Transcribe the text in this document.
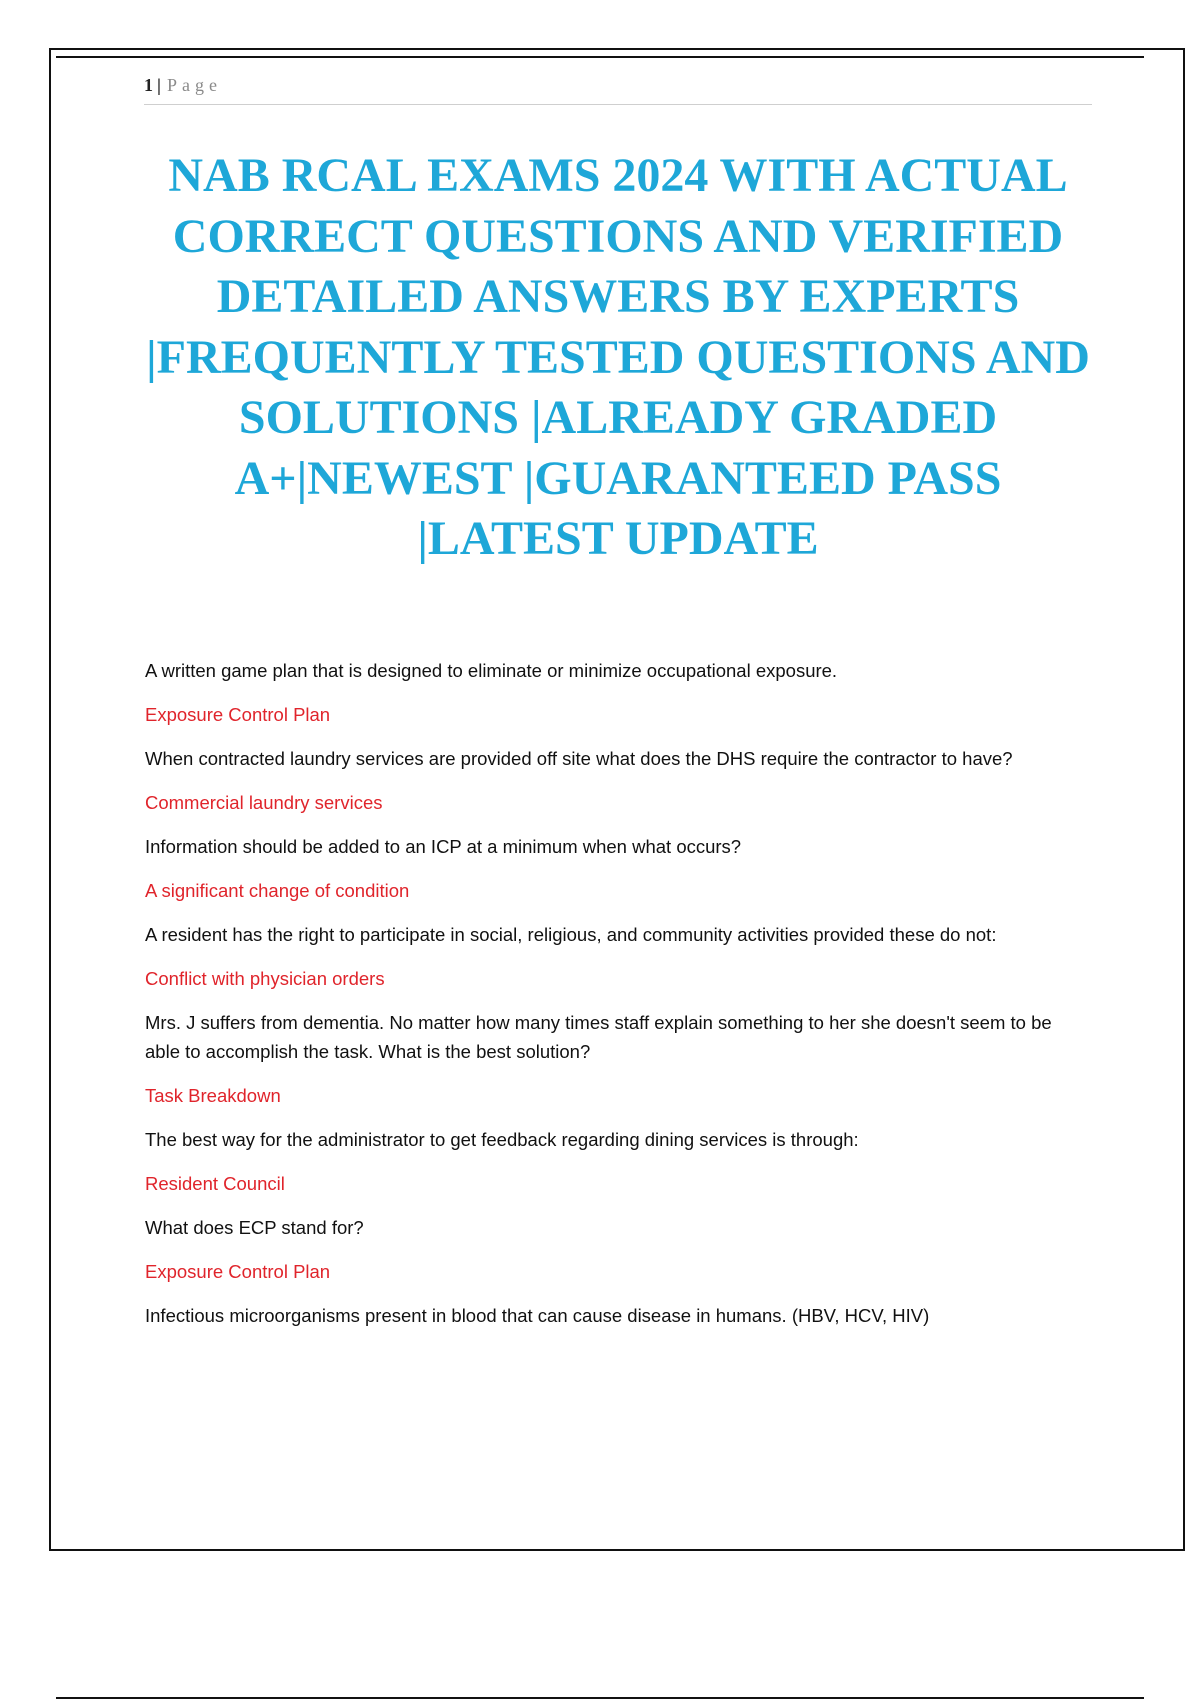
1 | Page
NAB RCAL EXAMS 2024 WITH ACTUAL CORRECT QUESTIONS AND VERIFIED DETAILED ANSWERS BY EXPERTS |FREQUENTLY TESTED QUESTIONS AND SOLUTIONS |ALREADY GRADED A+|NEWEST |GUARANTEED PASS |LATEST UPDATE

A written game plan that is designed to eliminate or minimize occupational exposure.

Exposure Control Plan

When contracted laundry services are provided off site what does the DHS require the contractor to have?

Commercial laundry services

Information should be added to an ICP at a minimum when what occurs?

A significant change of condition

A resident has the right to participate in social, religious, and community activities provided these do not:

Conflict with physician orders

Mrs. J suffers from dementia. No matter how many times staff explain something to her she doesn't seem to be able to accomplish the task. What is the best solution?

Task Breakdown

The best way for the administrator to get feedback regarding dining services is through:

Resident Council

What does ECP stand for?

Exposure Control Plan

Infectious microorganisms present in blood that can cause disease in humans. (HBV, HCV, HIV)
